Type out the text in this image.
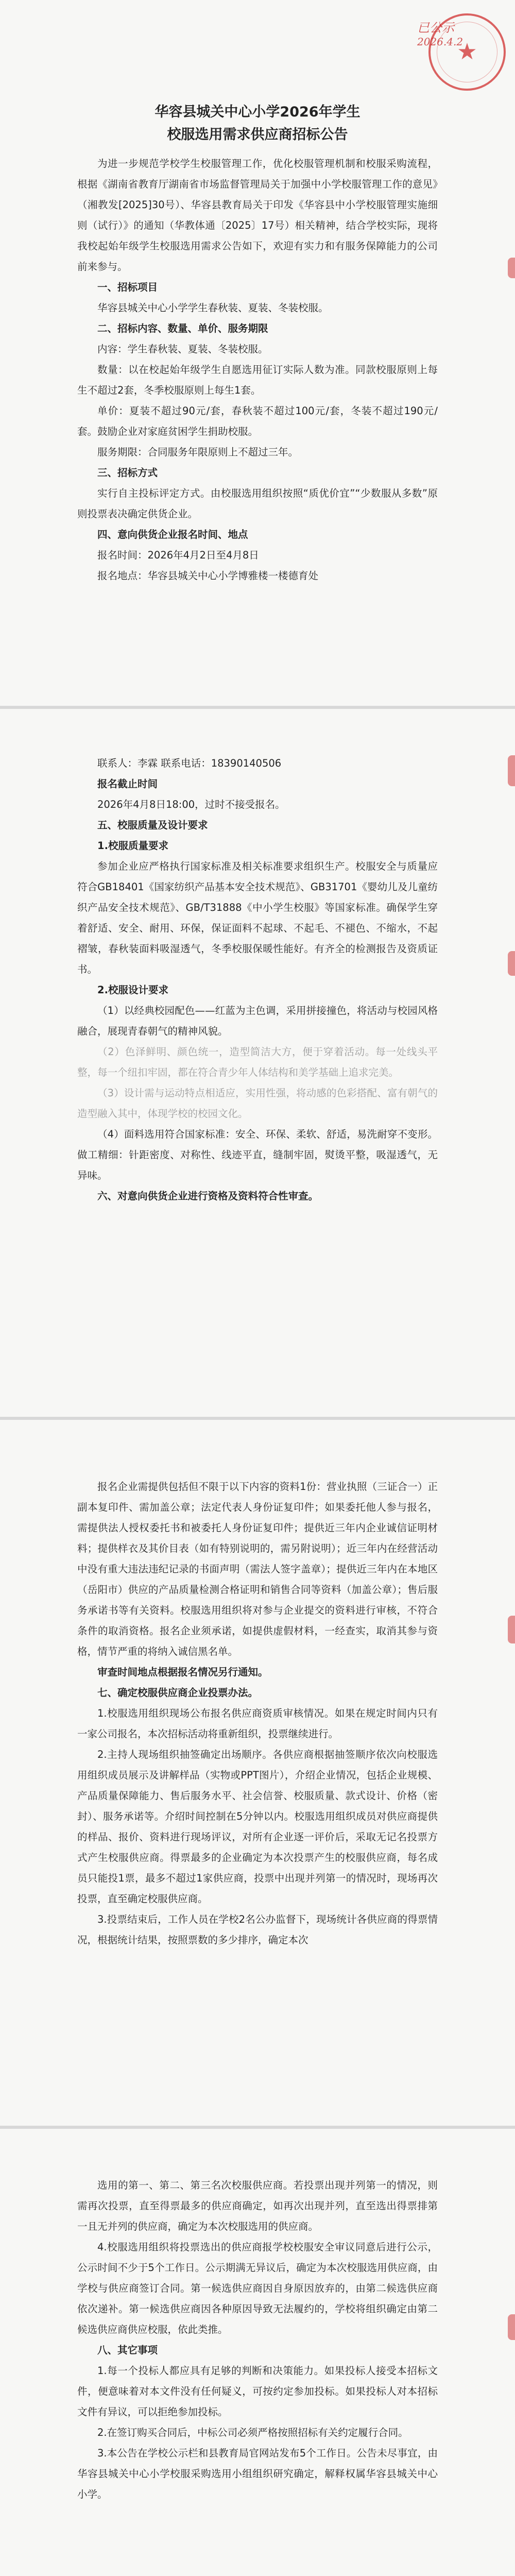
★
已公示
2026.4.2

华容县城关中心小学2026年学生

校服选用需求供应商招标公告

为进一步规范学校学生校服管理工作，优化校服管理机制和校服采购流程，根据《湖南省教育厅湖南省市场监督管理局关于加强中小学校服管理工作的意见》（湘教发[2025]30号）、华容县教育局关于印发《华容县中小学校服管理实施细则（试行）》的通知（华教体通〔2025〕17号）相关精神，结合学校实际，现将我校起始年级学生校服选用需求公告如下，欢迎有实力和有服务保障能力的公司前来参与。

一、招标项目

华容县城关中心小学学生春秋装、夏装、冬装校服。

二、招标内容、数量、单价、服务期限

内容：学生春秋装、夏装、冬装校服。

数量：以在校起始年级学生自愿选用征订实际人数为准。同款校服原则上每生不超过2套，冬季校服原则上每生1套。

单价：夏装不超过90元/套，春秋装不超过100元/套，冬装不超过190元/套。鼓励企业对家庭贫困学生捐助校服。

服务期限：合同服务年限原则上不超过三年。

三、招标方式

实行自主投标评定方式。由校服选用组织按照“质优价宜”“少数服从多数”原则投票表决确定供货企业。

四、意向供货企业报名时间、地点

报名时间：2026年4月2日至4月8日

报名地点：华容县城关中心小学博雅楼一楼德育处

联系人：李霖 联系电话：18390140506

报名截止时间

2026年4月8日18:00，过时不接受报名。

五、校服质量及设计要求

1.校服质量要求

参加企业应严格执行国家标准及相关标准要求组织生产。校服安全与质量应符合GB18401《国家纺织产品基本安全技术规范》、GB31701《婴幼儿及儿童纺织产品安全技术规范》、GB/T31888《中小学生校服》等国家标准。确保学生穿着舒适、安全、耐用、环保，保证面料不起球、不起毛、不褪色、不缩水，不起褶皱，春秋装面料吸湿透气，冬季校服保暖性能好。有齐全的检测报告及资质证书。

2.校服设计要求

（1）以经典校园配色——红蓝为主色调，采用拼接撞色，将活动与校园风格融合，展现青春朝气的精神风貌。

（2）色泽鲜明、颜色统一，造型简洁大方，便于穿着活动。每一处线头平整，每一个纽扣牢固，都在符合青少年人体结构和美学基础上追求完美。

（3）设计需与运动特点相适应，实用性强，将动感的色彩搭配、富有朝气的造型融入其中，体现学校的校园文化。

（4）面料选用符合国家标准：安全、环保、柔软、舒适，易洗耐穿不变形。做工精细：针距密度、对称性、线迹平直，缝制牢固，熨烫平整，吸湿透气，无异味。

六、对意向供货企业进行资格及资料符合性审查。

报名企业需提供包括但不限于以下内容的资料1份：营业执照（三证合一）正副本复印件、需加盖公章；法定代表人身份证复印件；如果委托他人参与报名，需提供法人授权委托书和被委托人身份证复印件；提供近三年内企业诚信证明材料；提供样衣及其价目表（如有特别说明的，需另附说明）；近三年内在经营活动中没有重大违法违纪记录的书面声明（需法人签字盖章）；提供近三年内在本地区（岳阳市）供应的产品质量检测合格证明和销售合同等资料（加盖公章）；售后服务承诺书等有关资料。校服选用组织将对参与企业提交的资料进行审核，不符合条件的取消资格。报名企业须承诺，如提供虚假材料，一经查实，取消其参与资格，情节严重的将纳入诚信黑名单。

审查时间地点根据报名情况另行通知。

七、确定校服供应商企业投票办法。

1.校服选用组织现场公布报名供应商资质审核情况。如果在规定时间内只有一家公司报名，本次招标活动将重新组织，投票继续进行。

2.主持人现场组织抽签确定出场顺序。各供应商根据抽签顺序依次向校服选用组织成员展示及讲解样品（实物或PPT图片），介绍企业情况，包括企业规模、产品质量保障能力、售后服务水平、社会信誉、校服质量、款式设计、价格（密封）、服务承诺等。介绍时间控制在5分钟以内。校服选用组织成员对供应商提供的样品、报价、资料进行现场评议，对所有企业逐一评价后，采取无记名投票方式产生校服供应商。得票最多的企业确定为本次投票产生的校服供应商，每名成员只能投1票，最多不超过1家供应商，投票中出现并列第一的情况时，现场再次投票，直至确定校服供应商。

3.投票结束后，工作人员在学校2名公办监督下，现场统计各供应商的得票情况，根据统计结果，按照票数的多少排序，确定本次

选用的第一、第二、第三名次校服供应商。若投票出现并列第一的情况，则需再次投票，直至得票最多的供应商确定，如再次出现并列，直至选出得票排第一且无并列的供应商，确定为本次校服选用的供应商。

4.校服选用组织将投票选出的供应商报学校校服安全审议同意后进行公示，公示时间不少于5个工作日。公示期满无异议后，确定为本次校服选用供应商，由学校与供应商签订合同。第一候选供应商因自身原因放弃的，由第二候选供应商依次递补。第一候选供应商因各种原因导致无法履约的，学校将组织确定由第二候选供应商供应校服，依此类推。

八、其它事项

1.每一个投标人都应具有足够的判断和决策能力。如果投标人接受本招标文件，便意味着对本文件没有任何疑义，可按约定参加投标。如果投标人对本招标文件有异议，可以拒绝参加投标。

2.在签订购买合同后，中标公司必须严格按照招标有关约定履行合同。

3.本公告在学校公示栏和县教育局官网站发布5个工作日。公告未尽事宜，由华容县城关中心小学校服采购选用小组组织研究确定，解释权属华容县城关中心小学。
